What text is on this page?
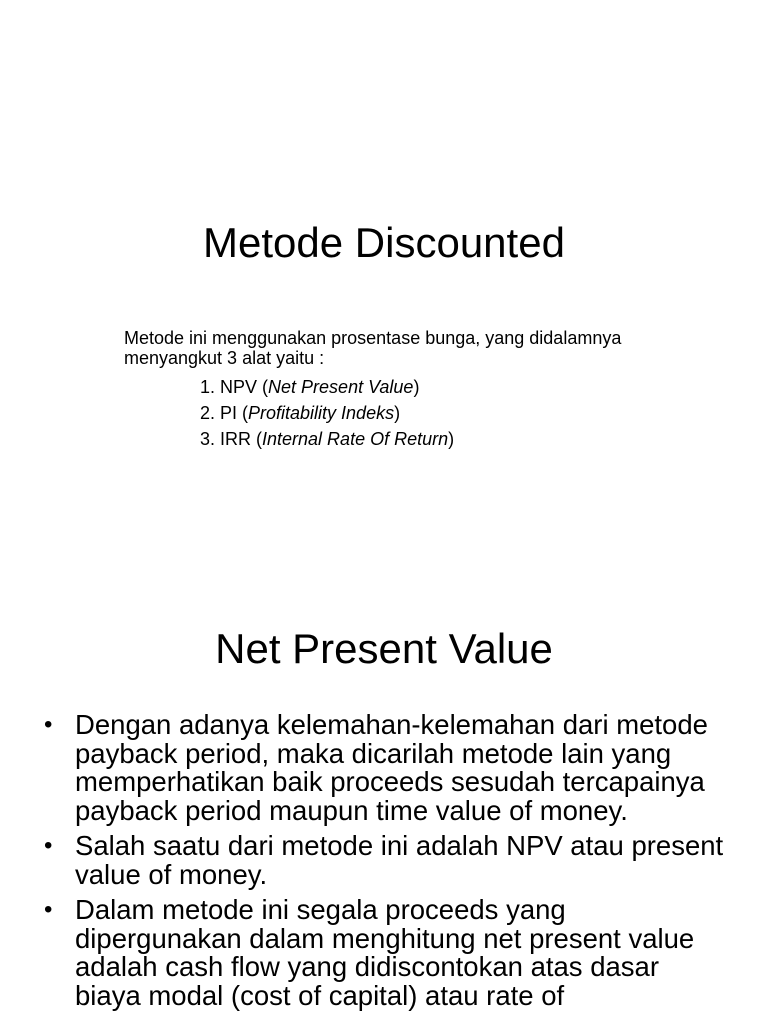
Metode Discounted

Metode ini menggunakan prosentase bunga, yang didalamnya menyangkut 3 alat yaitu :

1. NPV (Net Present Value)
2. PI (Profitability Indeks)
3. IRR (Internal Rate Of Return)
Net Present Value
• Dengan adanya kelemahan-kelemahan dari metode payback period, maka dicarilah metode lain yang memperhatikan baik proceeds sesudah tercapainya payback period maupun time value of money.
• Salah saatu dari metode ini adalah NPV atau present value of money.
• Dalam metode ini segala proceeds yang dipergunakan dalam menghitung net present value adalah cash flow yang didiscontokan atas dasar biaya modal (cost of capital) atau rate of
